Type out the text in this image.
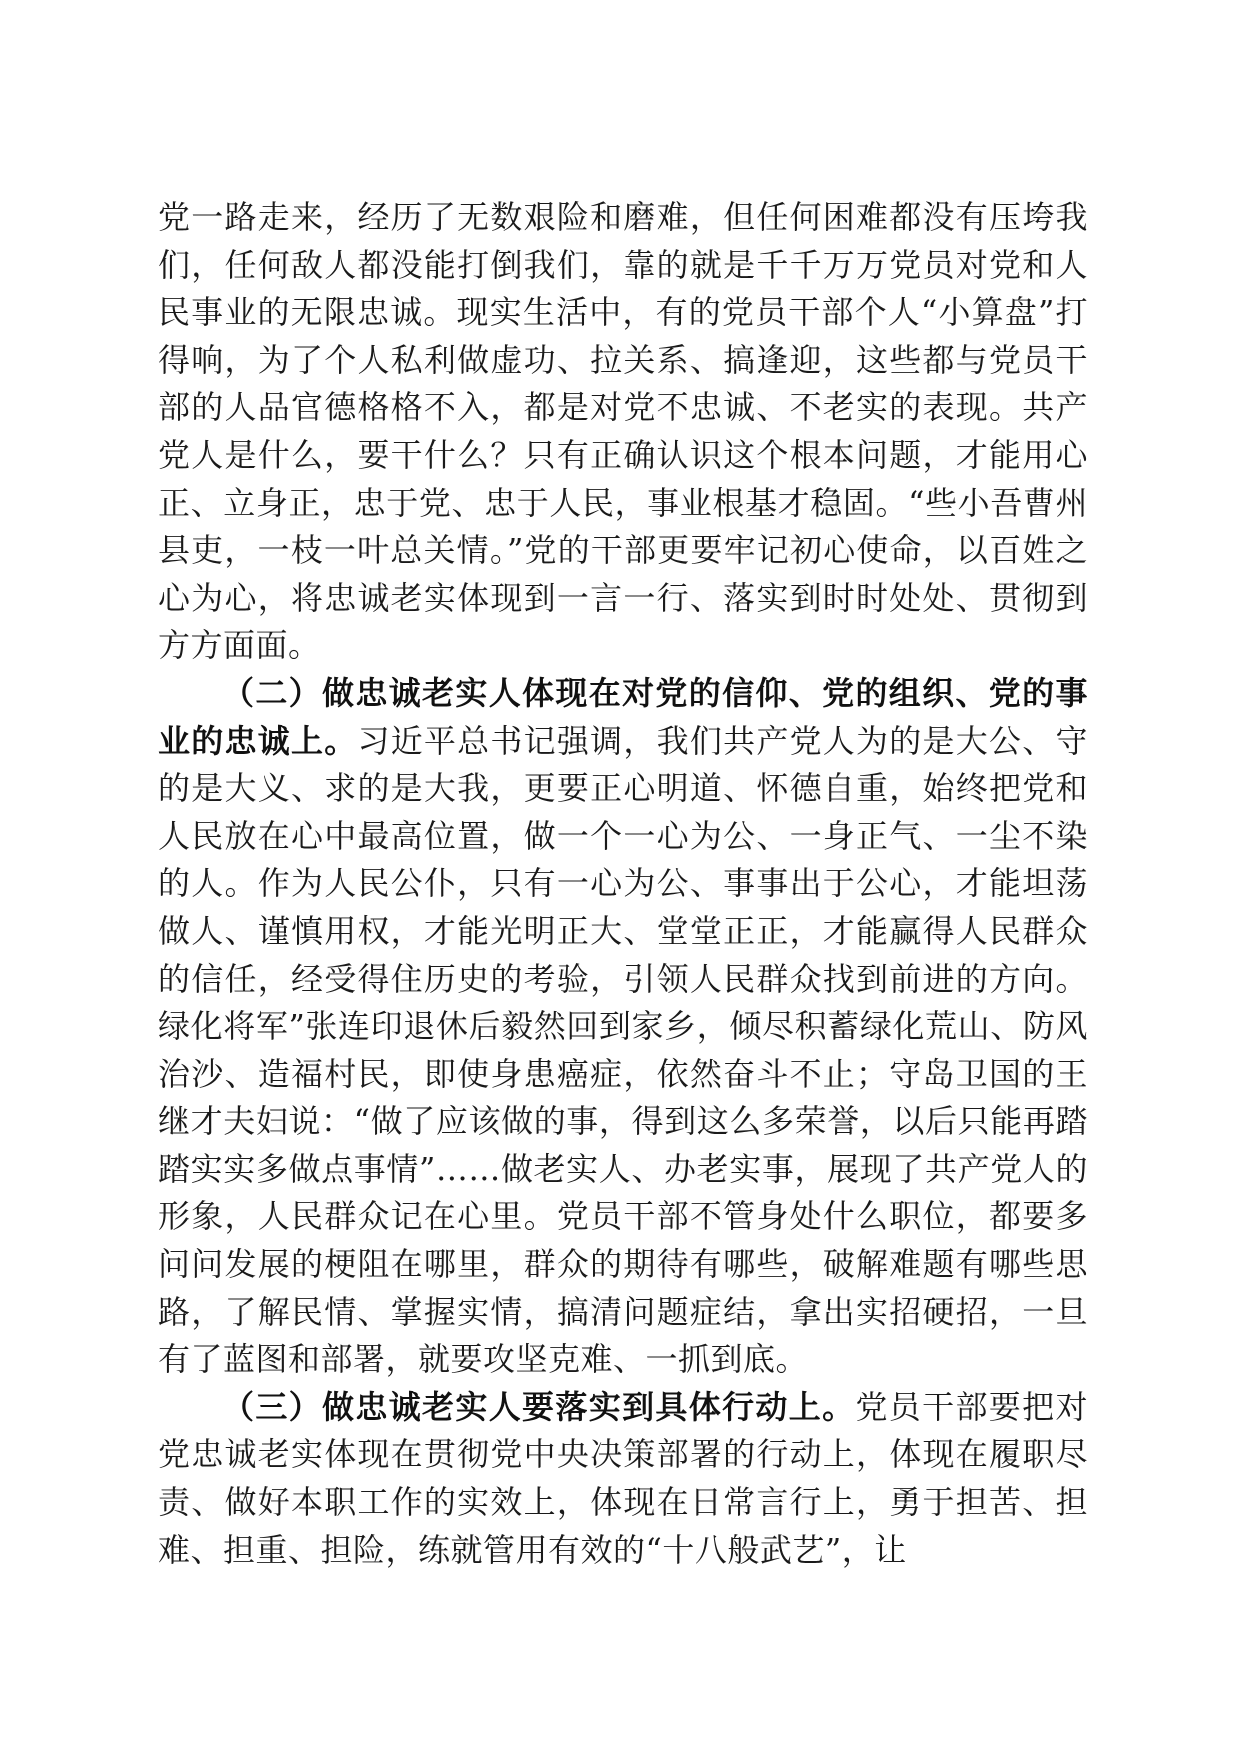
党一路走来，经历了无数艰险和磨难，但任何困难都没有压垮我们，任何敌人都没能打倒我们，靠的就是千千万万党员对党和人民事业的无限忠诚。现实生活中，有的党员干部个人“小算盘”打得响，为了个人私利做虚功、拉关系、搞逢迎，这些都与党员干部的人品官德格格不入，都是对党不忠诚、不老实的表现。共产党人是什么，要干什么？只有正确认识这个根本问题，才能用心正、立身正，忠于党、忠于人民，事业根基才稳固。“些小吾曹州县吏，一枝一叶总关情。”党的干部更要牢记初心使命，以百姓之心为心，将忠诚老实体现到一言一行、落实到时时处处、贯彻到方方面面。

（二）做忠诚老实人体现在对党的信仰、党的组织、党的事业的忠诚上。习近平总书记强调，我们共产党人为的是大公、守的是大义、求的是大我，更要正心明道、怀德自重，始终把党和人民放在心中最高位置，做一个一心为公、一身正气、一尘不染的人。作为人民公仆，只有一心为公、事事出于公心，才能坦荡做人、谨慎用权，才能光明正大、堂堂正正，才能赢得人民群众的信任，经受得住历史的考验，引领人民群众找到前进的方向。绿化将军”张连印退休后毅然回到家乡，倾尽积蓄绿化荒山、防风治沙、造福村民，即使身患癌症，依然奋斗不止；守岛卫国的王继才夫妇说：“做了应该做的事，得到这么多荣誉，以后只能再踏踏实实多做点事情”……做老实人、办老实事，展现了共产党人的形象，人民群众记在心里。党员干部不管身处什么职位，都要多问问发展的梗阻在哪里，群众的期待有哪些，破解难题有哪些思路，了解民情、掌握实情，搞清问题症结，拿出实招硬招，一旦有了蓝图和部署，就要攻坚克难、一抓到底。

（三）做忠诚老实人要落实到具体行动上。党员干部要把对党忠诚老实体现在贯彻党中央决策部署的行动上，体现在履职尽责、做好本职工作的实效上，体现在日常言行上，勇于担苦、担难、担重、担险，练就管用有效的“十八般武艺”，让
